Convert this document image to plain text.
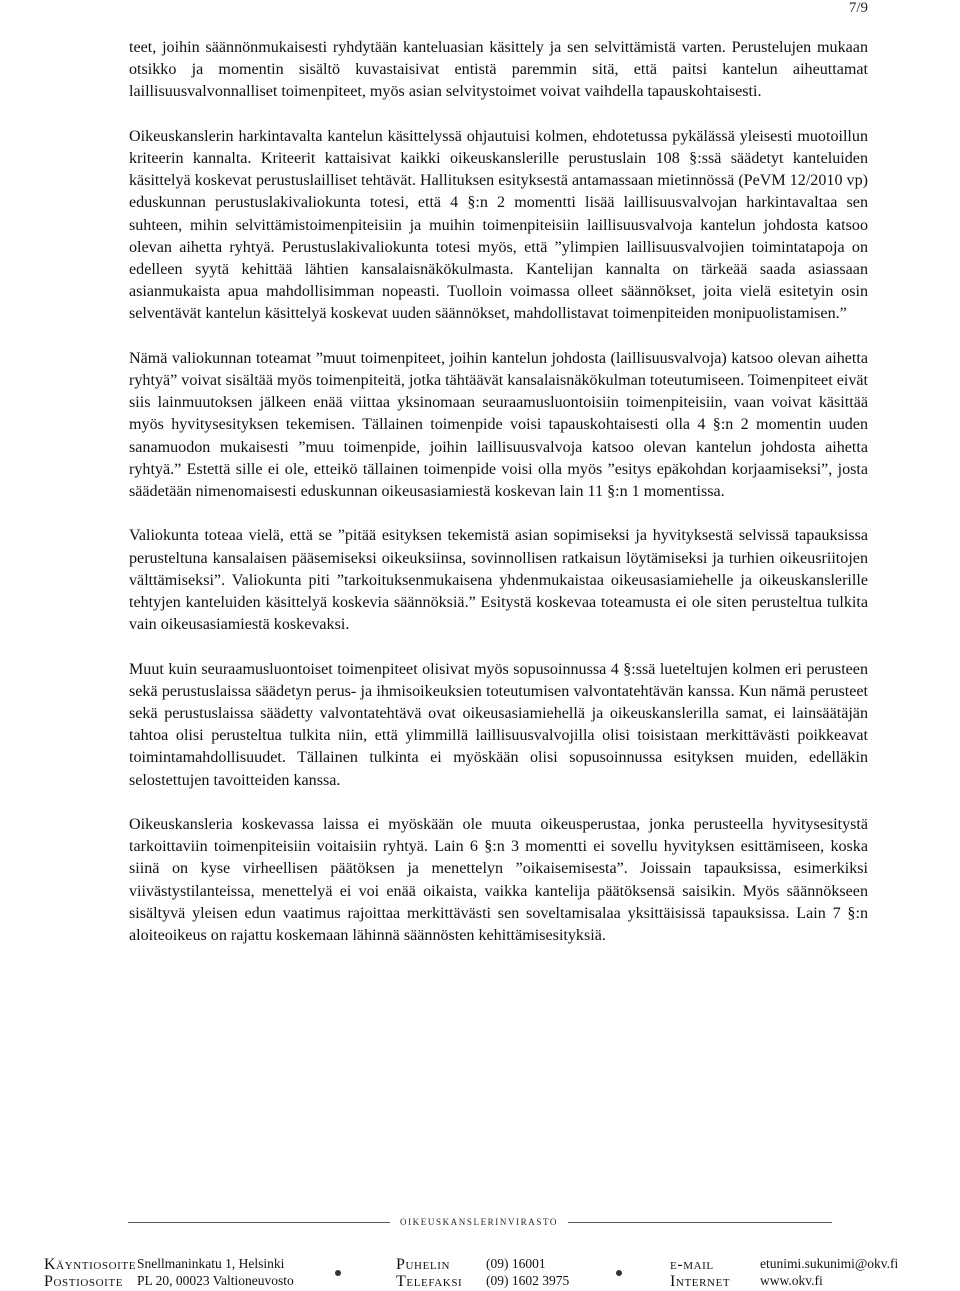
7/9

teet, joihin säännönmukaisesti ryhdytään kanteluasian käsittely ja sen selvittämistä varten. Perustelujen mukaan otsikko ja momentin sisältö kuvastaisivat entistä paremmin sitä, että paitsi kantelun aiheuttamat laillisuusvalvonnalliset toimenpiteet, myös asian selvitystoimet voivat vaihdella tapauskohtaisesti.

Oikeuskanslerin harkintavalta kantelun käsittelyssä ohjautuisi kolmen, ehdotetussa pykälässä yleisesti muotoillun kriteerin kannalta. Kriteerit kattaisivat kaikki oikeuskanslerille perustuslain 108 §:ssä säädetyt kanteluiden käsittelyä koskevat perustuslailliset tehtävät. Hallituksen esityksestä antamassaan mietinnössä (PeVM 12/2010 vp) eduskunnan perustuslakivaliokunta totesi, että 4 §:n 2 momentti lisää laillisuusvalvojan harkintavaltaa sen suhteen, mihin selvittämistoimenpiteisiin ja muihin toimenpiteisiin laillisuusvalvoja kantelun johdosta katsoo olevan aihetta ryhtyä. Perustuslakivaliokunta totesi myös, että ”ylimpien laillisuusvalvojien toimintatapoja on edelleen syytä kehittää lähtien kansalaisnäkökulmasta. Kantelijan kannalta on tärkeää saada asiassaan asianmukaista apua mahdollisimman nopeasti. Tuolloin voimassa olleet säännökset, joita vielä esitetyin osin selventävät kantelun käsittelyä koskevat uuden säännökset, mahdollistavat toimenpiteiden monipuolistamisen.”

Nämä valiokunnan toteamat ”muut toimenpiteet, joihin kantelun johdosta (laillisuusvalvoja) katsoo olevan aihetta ryhtyä” voivat sisältää myös toimenpiteitä, jotka tähtäävät kansalaisnäkökulman toteutumiseen. Toimenpiteet eivät siis lainmuutoksen jälkeen enää viittaa yksinomaan seuraamusluontoisiin toimenpiteisiin, vaan voivat käsittää myös hyvitysesityksen tekemisen. Tällainen toimenpide voisi tapauskohtaisesti olla 4 §:n 2 momentin uuden sanamuodon mukaisesti ”muu toimenpide, joihin laillisuusvalvoja katsoo olevan kantelun johdosta aihetta ryhtyä.” Estettä sille ei ole, etteikö tällainen toimenpide voisi olla myös ”esitys epäkohdan korjaamiseksi”, josta säädetään nimenomaisesti eduskunnan oikeusasiamiestä koskevan lain 11 §:n 1 momentissa.

Valiokunta toteaa vielä, että se ”pitää esityksen tekemistä asian sopimiseksi ja hyvityksestä selvissä tapauksissa perusteltuna kansalaisen pääsemiseksi oikeuksiinsa, sovinnollisen ratkaisun löytämiseksi ja turhien oikeusriitojen välttämiseksi”. Valiokunta piti ”tarkoituksenmukaisena yhdenmukaistaa oikeusasiamiehelle ja oikeuskanslerille tehtyjen kanteluiden käsittelyä koskevia säännöksiä.” Esitystä koskevaa toteamusta ei ole siten perusteltua tulkita vain oikeusasiamiestä koskevaksi.

Muut kuin seuraamusluontoiset toimenpiteet olisivat myös sopusoinnussa 4 §:ssä lueteltujen kolmen eri perusteen sekä perustuslaissa säädetyn perus- ja ihmisoikeuksien toteutumisen valvontatehtävän kanssa. Kun nämä perusteet sekä perustuslaissa säädetty valvontatehtävä ovat oikeusasiamiehellä ja oikeuskanslerilla samat, ei lainsäätäjän tahtoa olisi perusteltua tulkita niin, että ylimmillä laillisuusvalvojilla olisi toisistaan merkittävästi poikkeavat toimintamahdollisuudet. Tällainen tulkinta ei myöskään olisi sopusoinnussa esityksen muiden, edelläkin selostettujen tavoitteiden kanssa.

Oikeuskansleria koskevassa laissa ei myöskään ole muuta oikeusperustaa, jonka perusteella hyvitysesitystä tarkoittaviin toimenpiteisiin voitaisiin ryhtyä. Lain 6 §:n 3 momentti ei sovellu hyvityksen esittämiseen, koska siinä on kyse virheellisen päätöksen ja menettelyn ”oikaisemisesta”. Joissain tapauksissa, esimerkiksi viivästystilanteissa, menettelyä ei voi enää oikaista, vaikka kantelija päätöksensä saisikin. Myös säännökseen sisältyvä yleisen edun vaatimus rajoittaa merkittävästi sen soveltamisalaa yksittäisissä tapauksissa. Lain 7 §:n aloiteoikeus on rajattu koskemaan lähinnä säännösten kehittämisesityksiä.

oikeuskanslerinvirasto
Käyntiosoite Snellmaninkatu 1, Helsinki
Postiosoite PL 20, 00023 Valtioneuvosto
Puhelin	(09) 16001
Telefaksi (09) 1602 3975
e-mail	etunimi.sukunimi@okv.fi
Internet www.okv.fi
